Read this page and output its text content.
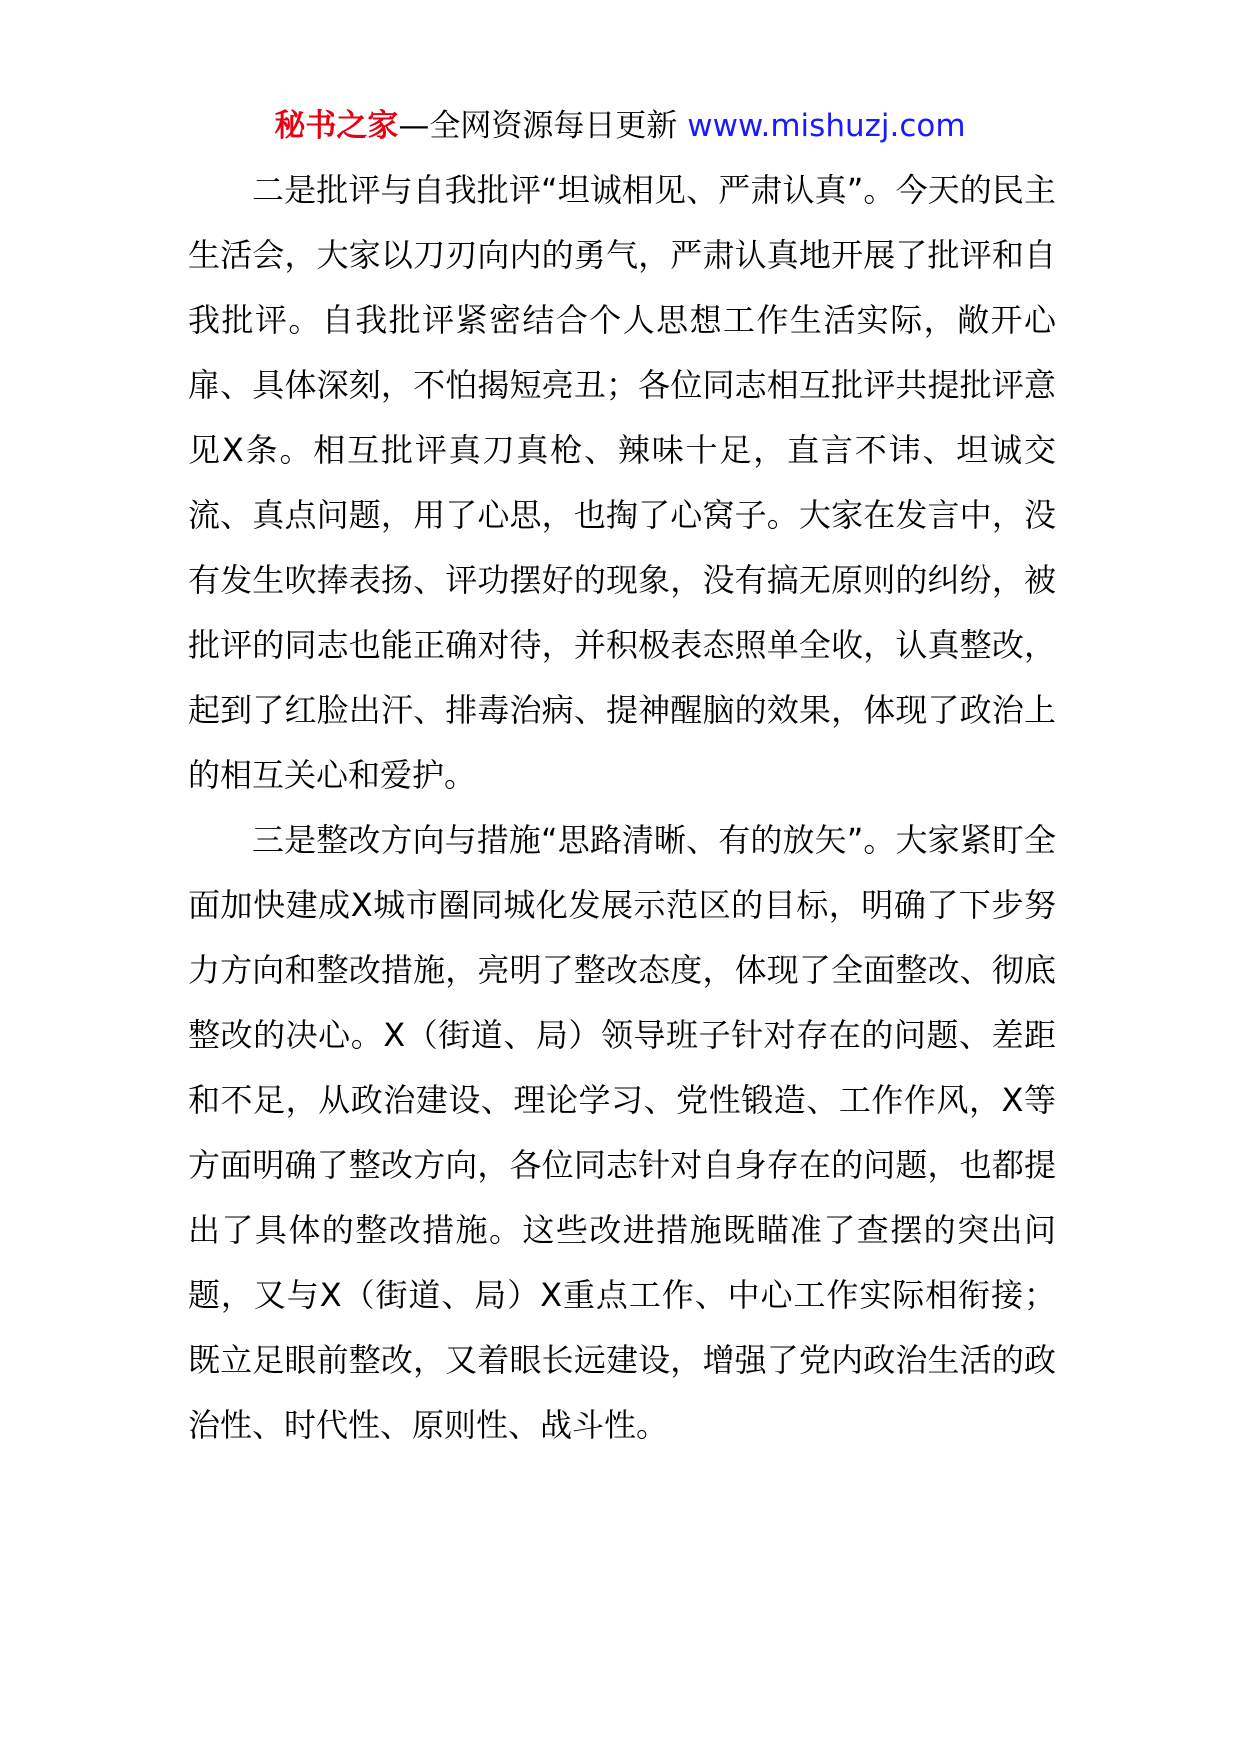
秘书之家—全网资源每日更新 www.mishuzj.com

二是批评与自我批评“坦诚相见、严肃认真”。今天的民主生活会，大家以刀刃向内的勇气，严肃认真地开展了批评和自我批评。自我批评紧密结合个人思想工作生活实际，敞开心扉、具体深刻，不怕揭短亮丑；各位同志相互批评共提批评意见X条。相互批评真刀真枪、辣味十足，直言不讳、坦诚交流、真点问题，用了心思，也掏了心窝子。大家在发言中，没有发生吹捧表扬、评功摆好的现象，没有搞无原则的纠纷，被批评的同志也能正确对待，并积极表态照单全收，认真整改，起到了红脸出汗、排毒治病、提神醒脑的效果，体现了政治上的相互关心和爱护。

三是整改方向与措施“思路清晰、有的放矢”。大家紧盯全面加快建成X城市圈同城化发展示范区的目标，明确了下步努力方向和整改措施，亮明了整改态度，体现了全面整改、彻底整改的决心。X（街道、局）领导班子针对存在的问题、差距和不足，从政治建设、理论学习、党性锻造、工作作风，X等方面明确了整改方向，各位同志针对自身存在的问题，也都提出了具体的整改措施。这些改进措施既瞄准了查摆的突出问题，又与X（街道、局）X重点工作、中心工作实际相衔接；既立足眼前整改，又着眼长远建设，增强了党内政治生活的政治性、时代性、原则性、战斗性。
